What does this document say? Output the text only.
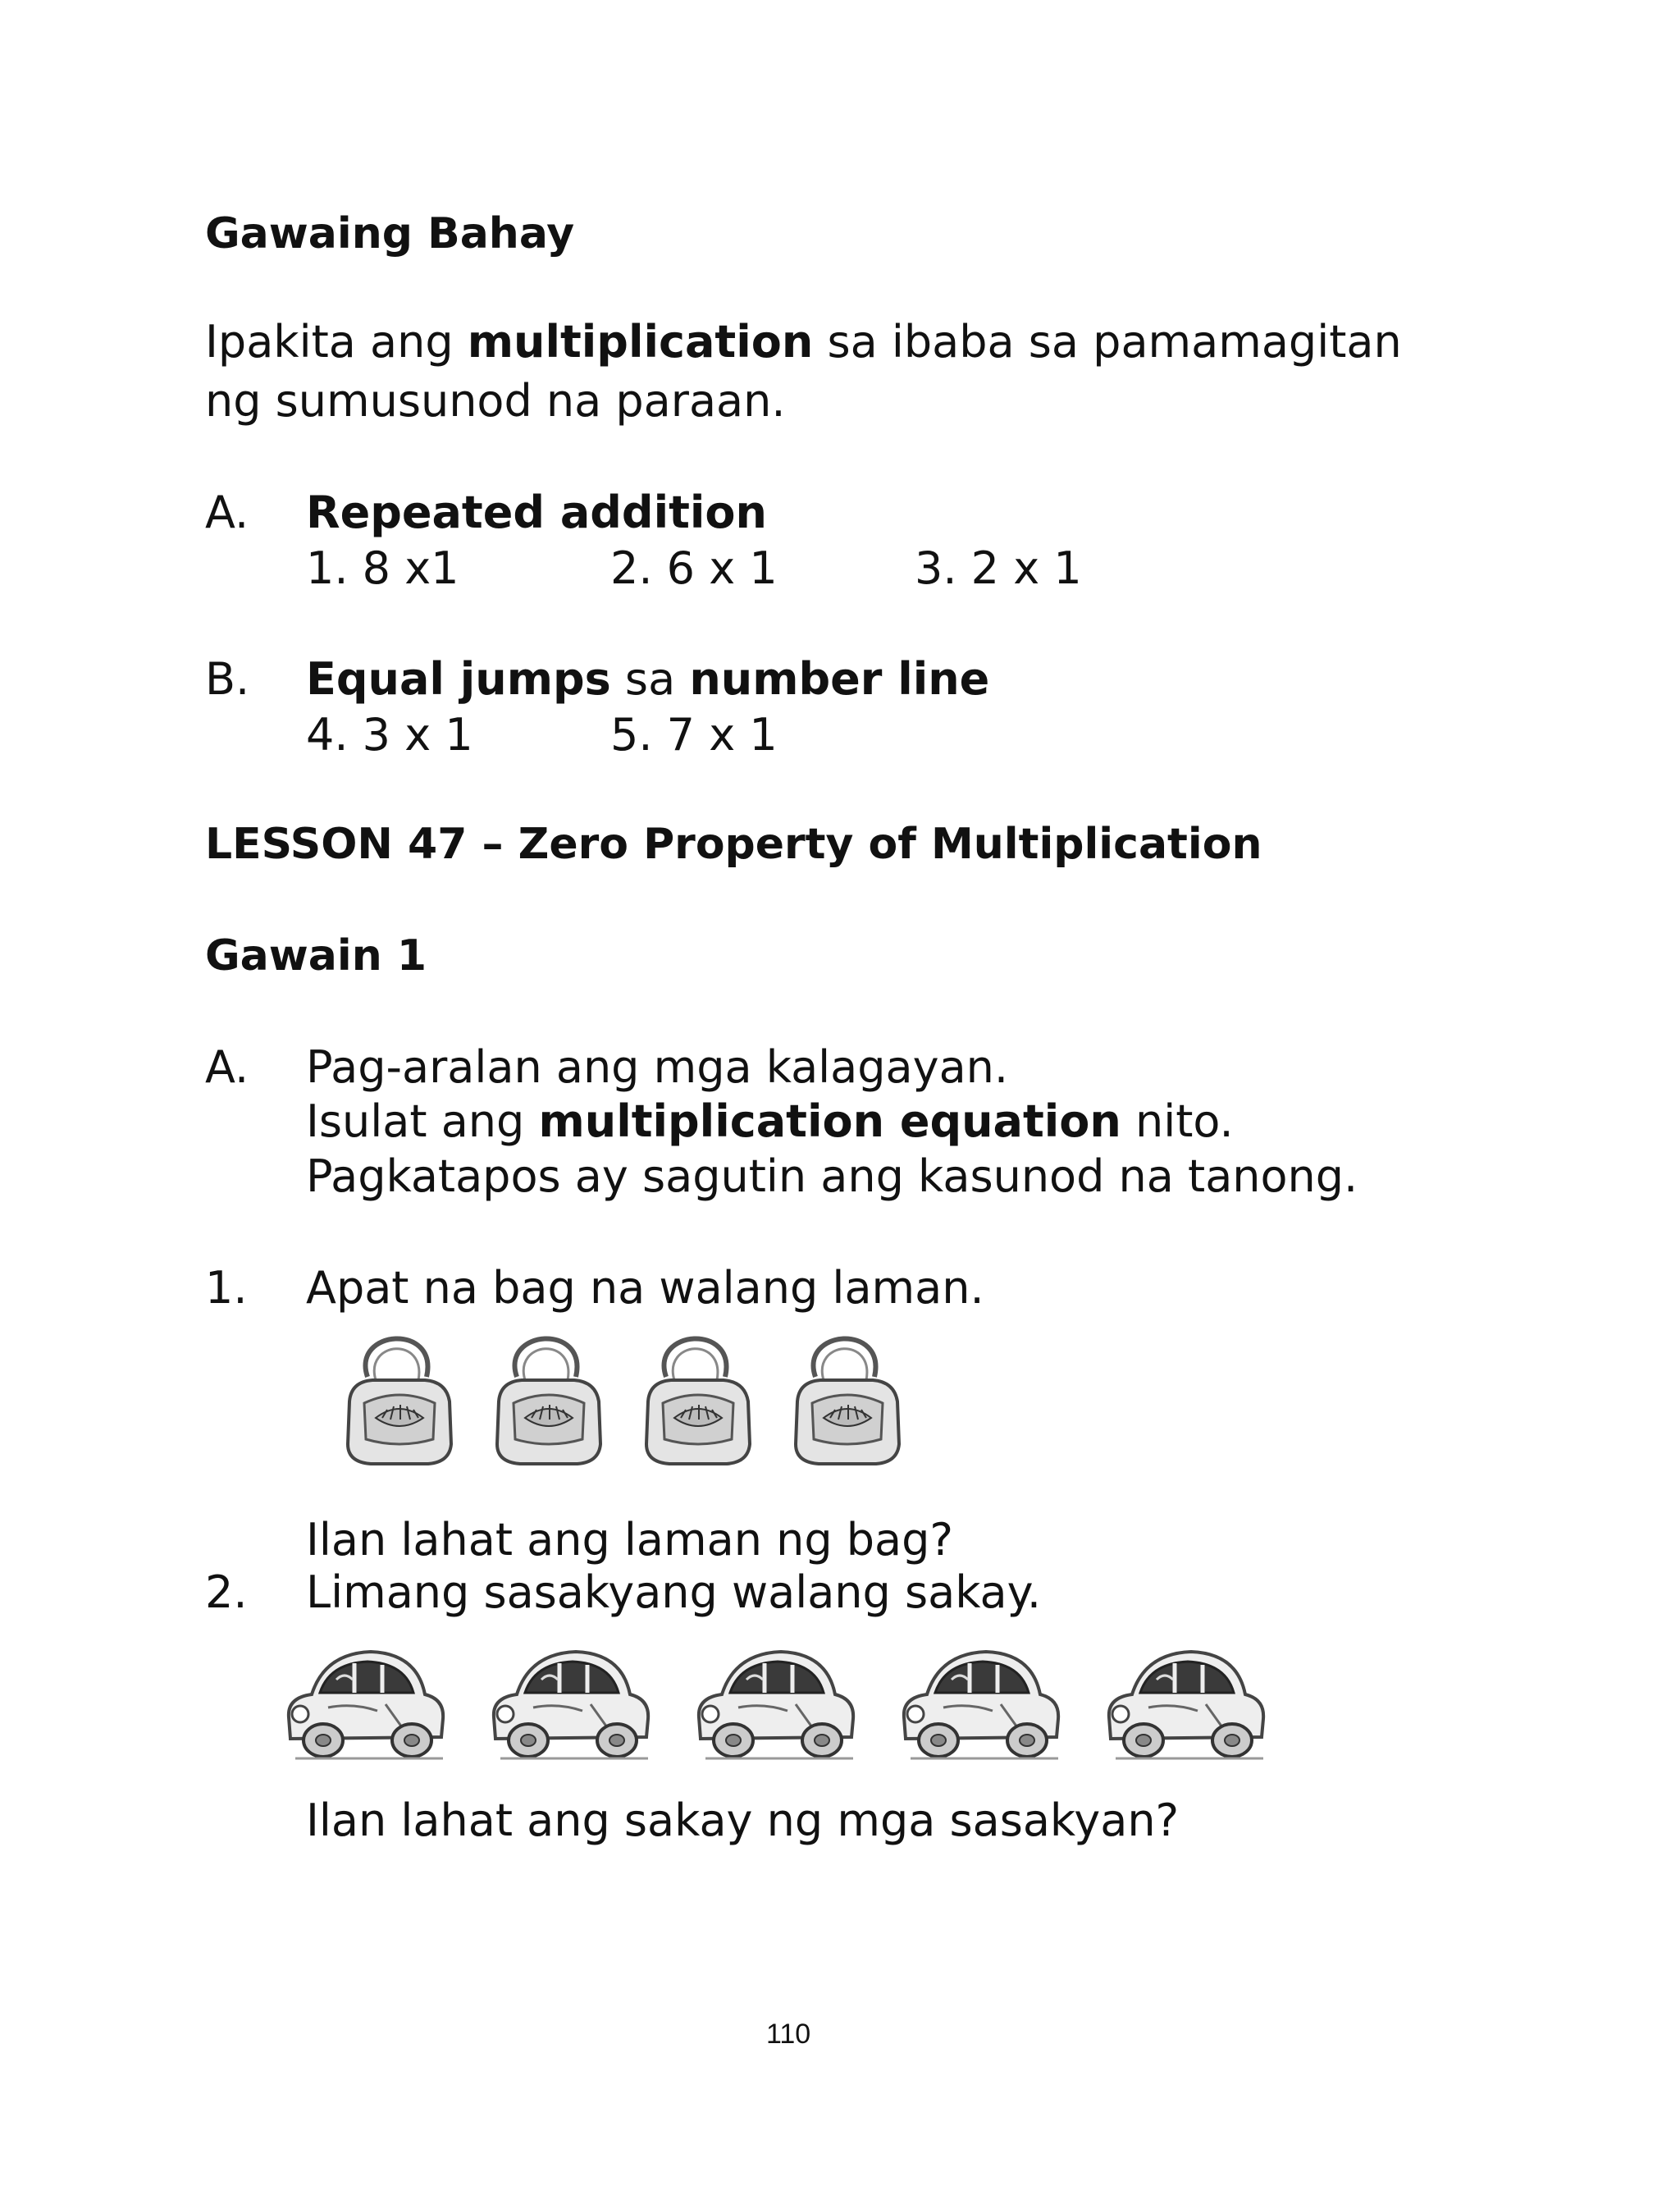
Gawaing Bahay
Ipakita ang multiplication sa ibaba sa pamamagitan
ng sumusunod na paraan.
A. Repeated addition
1. 8 x1	2. 6 x 1	3. 2 x 1
B. Equal jumps sa number line
4. 3 x 1	5. 7 x 1
LESSON 47 – Zero Property of Multiplication
Gawain 1
A. Pag-aralan ang mga kalagayan.
Isulat ang multiplication equation nito.
Pagkatapos ay sagutin ang kasunod na tanong.
1. Apat na bag na walang laman.
Ilan lahat ang laman ng bag?
2. Limang sasakyang walang sakay.
Ilan lahat ang sakay ng mga sasakyan?
110
